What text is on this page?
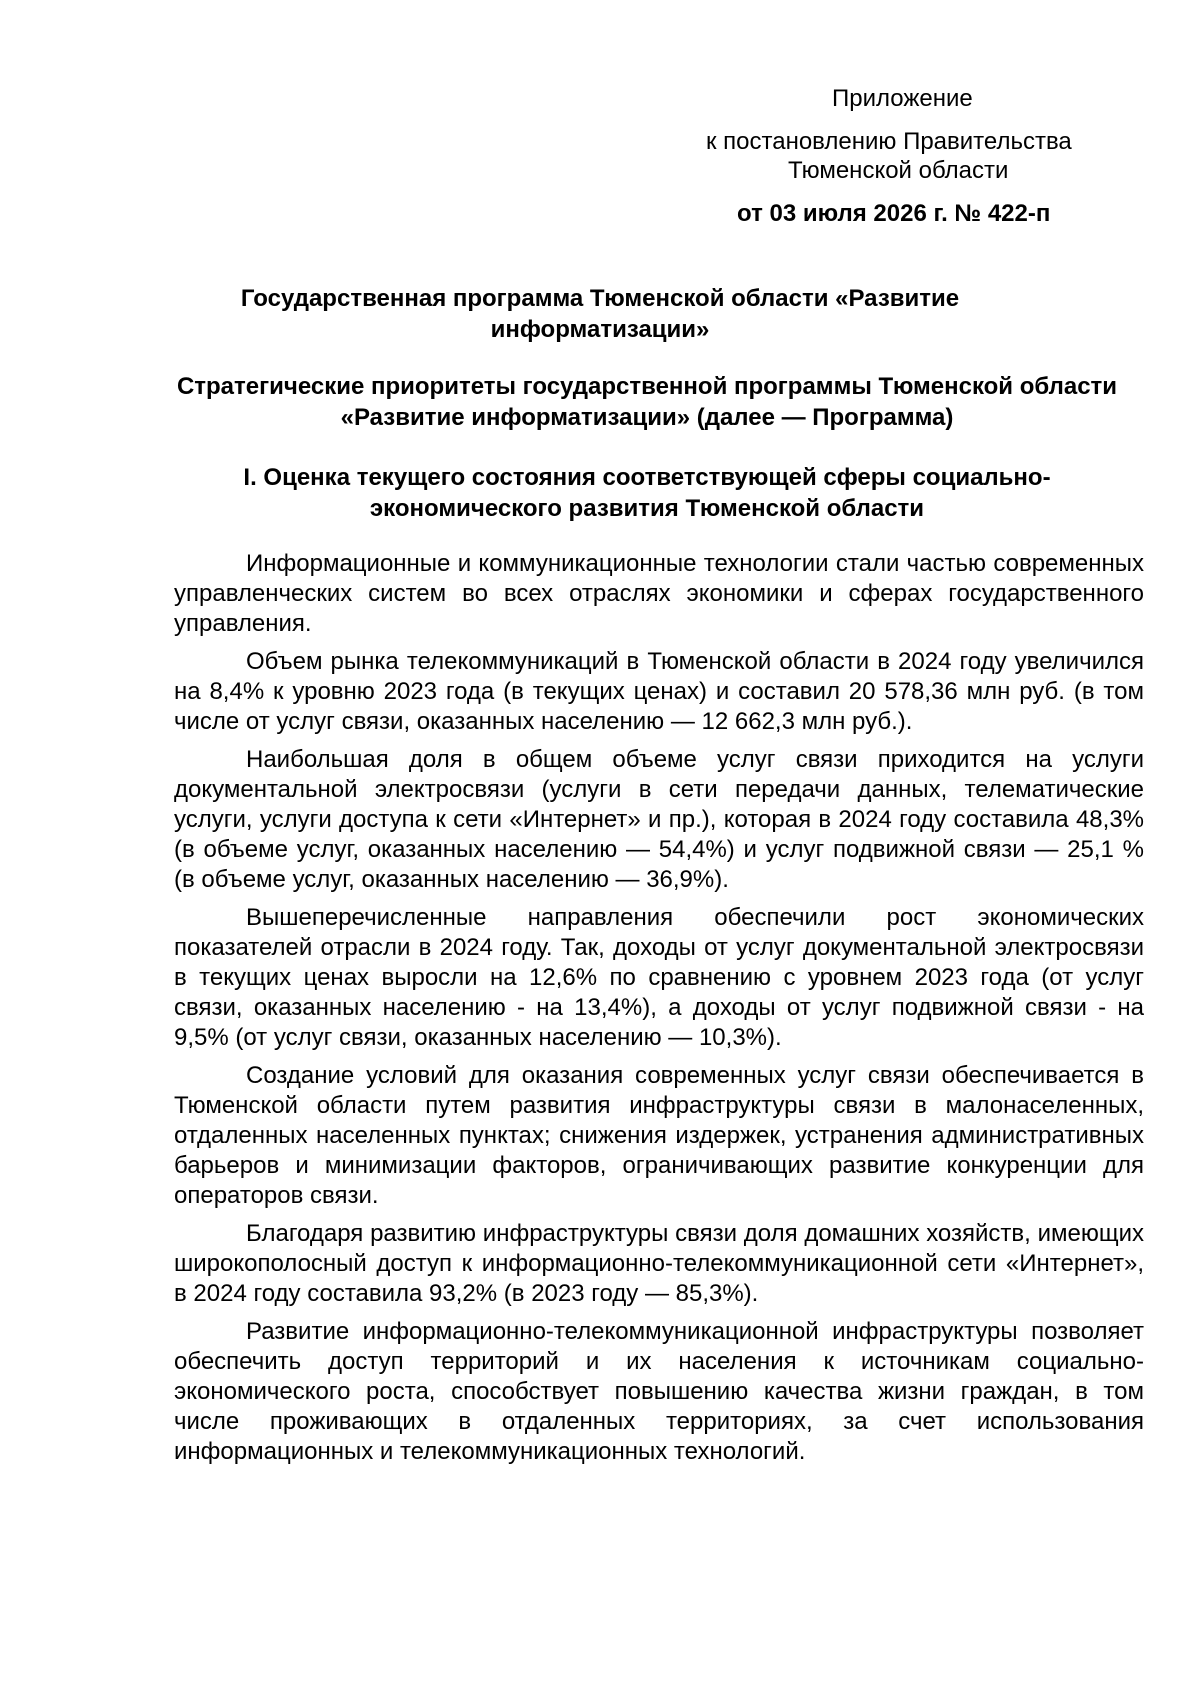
Приложение
к постановлению Правительства
Тюменской области
от 03 июля 2026 г. № 422-п
Государственная программа Тюменской области «Развитие информатизации»
Стратегические приоритеты государственной программы Тюменской области «Развитие информатизации» (далее — Программа)
I. Оценка текущего состояния соответствующей сферы социально-экономического развития Тюменской области

Информационные и коммуникационные технологии стали частью современных управленческих систем во всех отраслях экономики и сферах государственного управления.

Объем рынка телекоммуникаций в Тюменской области в 2024 году увеличился на 8,4% к уровню 2023 года (в текущих ценах) и составил 20 578,36 млн руб. (в том числе от услуг связи, оказанных населению — 12 662,3 млн руб.).

Наибольшая доля в общем объеме услуг связи приходится на услуги документальной электросвязи (услуги в сети передачи данных, телематические услуги, услуги доступа к сети «Интернет» и пр.), которая в 2024 году составила 48,3% (в объеме услуг, оказанных населению — 54,4%) и услуг подвижной связи — 25,1 % (в объеме услуг, оказанных населению — 36,9%).

Вышеперечисленные направления обеспечили рост экономических показателей отрасли в 2024 году. Так, доходы от услуг документальной электросвязи в текущих ценах выросли на 12,6% по сравнению с уровнем 2023 года (от услуг связи, оказанных населению - на 13,4%), а доходы от услуг подвижной связи - на 9,5% (от услуг связи, оказанных населению — 10,3%).

Создание условий для оказания современных услуг связи обеспечивается в Тюменской области путем развития инфраструктуры связи в малонаселенных, отдаленных населенных пунктах; снижения издержек, устранения административных барьеров и минимизации факторов, ограничивающих развитие конкуренции для операторов связи.

Благодаря развитию инфраструктуры связи доля домашних хозяйств, имеющих широкополосный доступ к информационно-телекоммуникационной сети «Интернет», в 2024 году составила 93,2% (в 2023 году — 85,3%).

Развитие информационно-телекоммуникационной инфраструктуры позволяет обеспечить доступ территорий и их населения к источникам социально-экономического роста, способствует повышению качества жизни граждан, в том числе проживающих в отдаленных территориях, за счет использования информационных и телекоммуникационных технологий.
